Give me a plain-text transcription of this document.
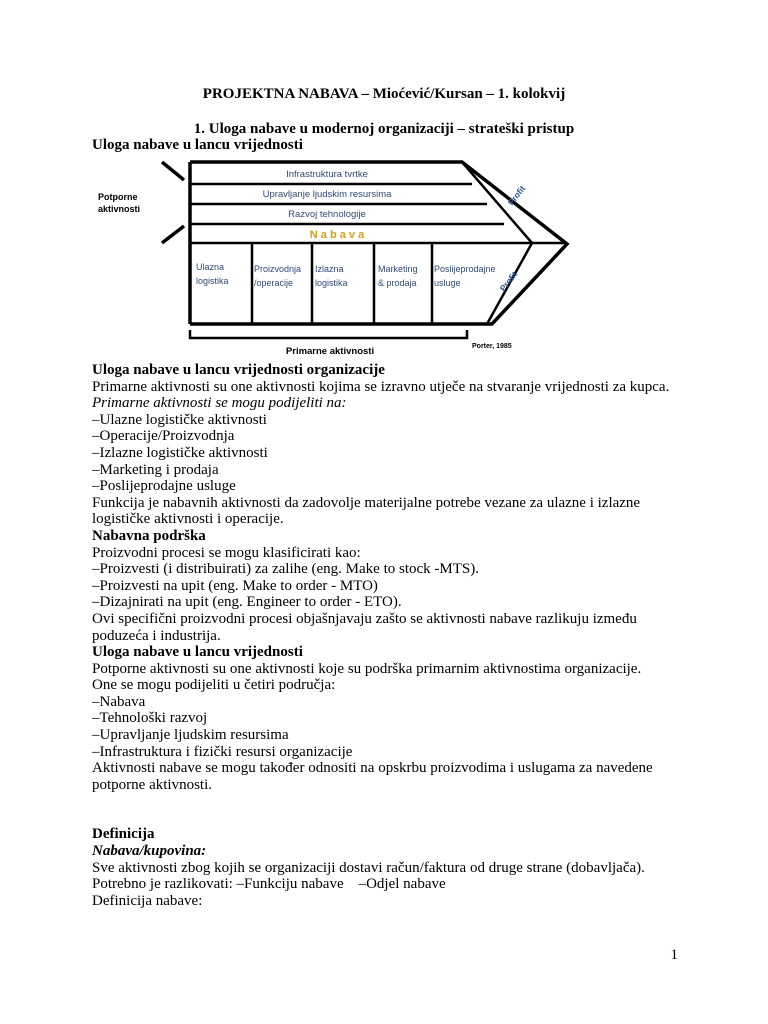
PROJEKTNA NABAVA – Mioćević/Kursan – 1. kolokvij
1. Uloga nabave u modernoj organizaciji – strateški pristup
Uloga nabave u lancu vrijednosti
Potporne aktivnosti
Infrastruktura tvrtke
Upravljanje ljudskim resursima
Razvoj tehnologije
N a b a v a
Ulazna logistika
Proizvodnja /operacije
Izlazna logistika
Marketing & prodaja
Poslijeprodajne usluge
Profit
Profit
Primarne aktivnosti	Porter, 1985

Uloga nabave u lancu vrijednosti organizacije

Primarne aktivnosti su one aktivnosti kojima se izravno utječe na stvaranje vrijednosti za kupca.

Primarne aktivnosti se mogu podijeliti na:

–Ulazne logističke aktivnosti

–Operacije/Proizvodnja

–Izlazne logističke aktivnosti

–Marketing i prodaja

–Poslijeprodajne usluge

Funkcija je nabavnih aktivnosti da zadovolje materijalne potrebe vezane za ulazne i izlazne logističke aktivnosti i operacije.

Nabavna podrška

Proizvodni procesi se mogu klasificirati kao:

–Proizvesti (i distribuirati) za zalihe (eng. Make to stock -MTS).

–Proizvesti na upit (eng. Make to order - MTO)

–Dizajnirati na upit (eng. Engineer to order - ETO).

Ovi specifični proizvodni procesi objašnjavaju zašto se aktivnosti nabave razlikuju između poduzeća i industrija.

Uloga nabave u lancu vrijednosti

Potporne aktivnosti su one aktivnosti koje su podrška primarnim aktivnostima organizacije.

One se mogu podijeliti u četiri područja:

–Nabava

–Tehnološki razvoj

–Upravljanje ljudskim resursima

–Infrastruktura i fizički resursi organizacije

Aktivnosti nabave se mogu također odnositi na opskrbu proizvodima i uslugama za navedene potporne aktivnosti.

Definicija

Nabava/kupovina:

Sve aktivnosti zbog kojih se organizaciji dostavi račun/faktura od druge strane (dobavljača).

Potrebno je razlikovati: –Funkciju nabave    –Odjel nabave

Definicija nabave:

1
